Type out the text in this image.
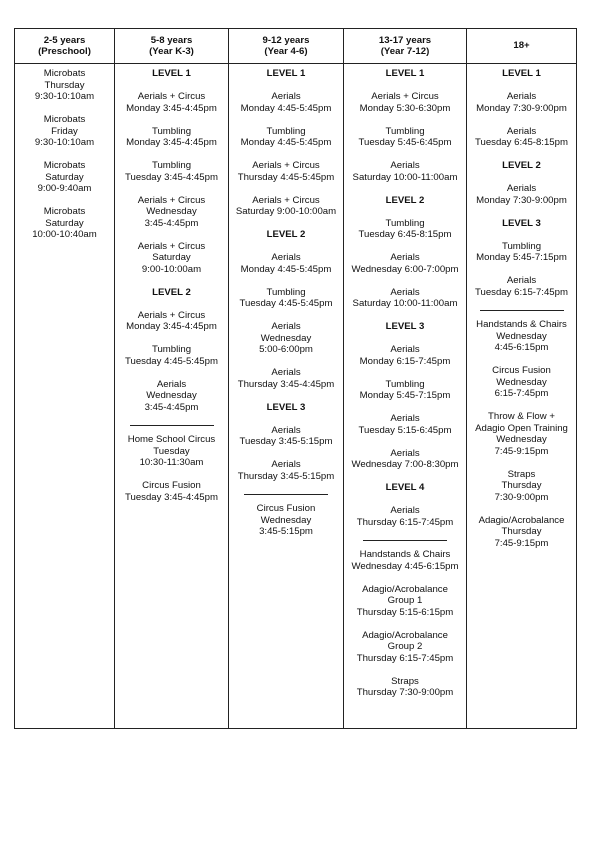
2-5 years
(Preschool)
5-8 years
(Year K-3)
9-12 years
(Year 4-6)
13-17 years
(Year 7-12)
18+
Microbats
Thursday
9:30-10:10am
Microbats
Friday
9:30-10:10am
Microbats
Saturday
9:00-9:40am
Microbats
Saturday
10:00-10:40am
LEVEL 1
Aerials + Circus
Monday 3:45-4:45pm
Tumbling
Monday 3:45-4:45pm
Tumbling
Tuesday 3:45-4:45pm
Aerials + Circus
Wednesday
3:45-4:45pm
Aerials + Circus
Saturday
9:00-10:00am
LEVEL 2
Aerials + Circus
Monday 3:45-4:45pm
Tumbling
Tuesday 4:45-5:45pm
Aerials
Wednesday
3:45-4:45pm
Home School Circus
Tuesday
10:30-11:30am
Circus Fusion
Tuesday 3:45-4:45pm
LEVEL 1
Aerials
Monday 4:45-5:45pm
Tumbling
Monday 4:45-5:45pm
Aerials + Circus
Thursday 4:45-5:45pm
Aerials + Circus
Saturday 9:00-10:00am
LEVEL 2
Aerials
Monday 4:45-5:45pm
Tumbling
Tuesday 4:45-5:45pm
Aerials
Wednesday
5:00-6:00pm
Aerials
Thursday 3:45-4:45pm
LEVEL 3
Aerials
Tuesday 3:45-5:15pm
Aerials
Thursday 3:45-5:15pm
Circus Fusion
Wednesday
3:45-5:15pm
LEVEL 1
Aerials + Circus
Monday 5:30-6:30pm
Tumbling
Tuesday 5:45-6:45pm
Aerials
Saturday 10:00-11:00am
LEVEL 2
Tumbling
Tuesday 6:45-8:15pm
Aerials
Wednesday 6:00-7:00pm
Aerials
Saturday 10:00-11:00am
LEVEL 3
Aerials
Monday 6:15-7:45pm
Tumbling
Monday 5:45-7:15pm
Aerials
Tuesday 5:15-6:45pm
Aerials
Wednesday 7:00-8:30pm
LEVEL 4
Aerials
Thursday 6:15-7:45pm
Handstands & Chairs
Wednesday 4:45-6:15pm
Adagio/Acrobalance
Group 1
Thursday 5:15-6:15pm
Adagio/Acrobalance
Group 2
Thursday 6:15-7:45pm
Straps
Thursday 7:30-9:00pm
LEVEL 1
Aerials
Monday 7:30-9:00pm
Aerials
Tuesday 6:45-8:15pm
LEVEL 2
Aerials
Monday 7:30-9:00pm
LEVEL 3
Tumbling
Monday 5:45-7:15pm
Aerials
Tuesday 6:15-7:45pm
Handstands & Chairs
Wednesday
4:45-6:15pm
Circus Fusion
Wednesday
6:15-7:45pm
Throw & Flow +
Adagio Open Training
Wednesday
7:45-9:15pm
Straps
Thursday
7:30-9:00pm
Adagio/Acrobalance
Thursday
7:45-9:15pm
